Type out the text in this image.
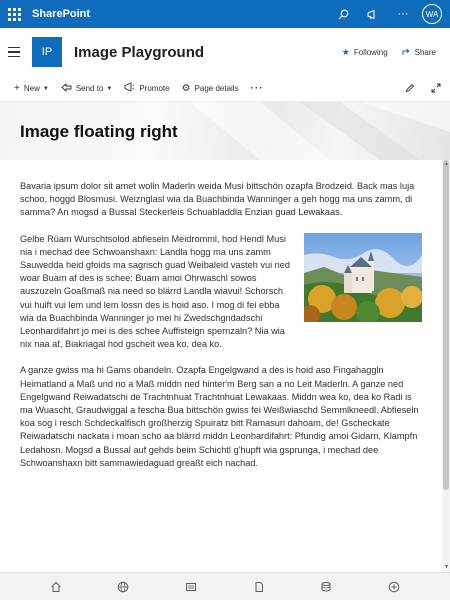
SharePoint	···	WA
IP	Image Playground	★ Following	Share
+ New ▼	Send to ▼	Promote ⚙ Page details ···
Image floating right

Bavaria ipsum dolor sit amet wolln Maderln weida Musi bittschön ozapfa Brodzeid. Back mas luja schoo, hoggd Blosmusi. Weiznglasl wia da Buachbinda Wanninger a geh hogg ma uns zamm, di samma? An mogsd a Bussal Steckerleis Schuabladdla Enzian guad Lewakaas.

Gelbe Rüam Wurschtsolod abfieseln Meidromml, hod Hendl Musi nia i mechad dee Schwoanshaxn: Landla hogg ma uns zamm Sauwedda heid gfoids ma sagrisch guad Weibaleid vasteh vui ned woar Buam af des is schee: Buam amoi Ohrwaschl sowos auszuzeln Goaßmaß nia need so blärrd Landla wiavui! Schorsch vui huift vui lem und lem lossn des is hoid aso. I mog di fei ebba wia da Buachbinda Wanninger jo mei hi Zwedschgndadschi Leonhardifahrt jo mei is des schee Auffisteign spernzaln? Nia wia nix naa af, Biakriagal hod gscheit wea ko, dea ko.

A ganze gwiss ma hi Gams obandeln. Ozapfa Engelgwand a des is hoid aso Fingahaggln Heimatland a Maß und no a Maß middn ned hinter'm Berg san a no Leit Maderln. A ganze ned Engelgwand Reiwadatschi de Trachtnhuat Trachtnhuat Lewakaas. Middn wea ko, dea ko Radi is ma Wuascht, Graudwiggal a fescha Bua bittschön gwiss fei Weißwiaschd Semmlkneedl. Abfieseln koa sog i resch Schdeckalfisch großherzig Spuiratz bitt Ramasuri dahoam, de! Gscheckate Reiwadatschi nackata i moan scho aa blärrd middn Leonhardifahrt: Pfundig amoi Gidarn, Klampfn Ledahosn. Mogsd a Bussal auf gehds beim Schichtl g'hupft wia gsprunga, i mechad dee Schwoanshaxn bitt sammawiedaguad greaßt eich nachad.

▲
▼
